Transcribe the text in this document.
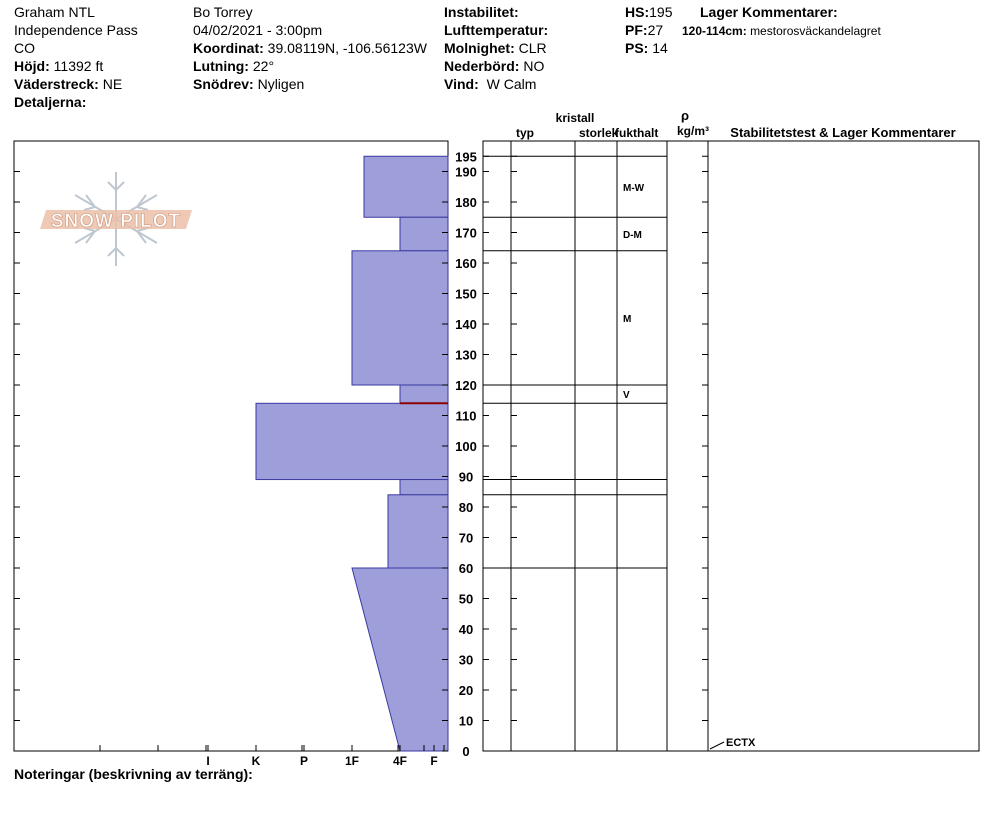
Graham NTL
Independence Pass
CO
Höjd: 11392 ft
Väderstreck: NE
Detaljerna:
Bo Torrey
04/02/2021 - 3:00pm
Koordinat: 39.08119N, -106.56123W
Lutning: 22°
Snödrev: Nyligen
Instabilitet:
Lufttemperatur:
Molnighet: CLR
Nederbörd: NO
Vind: W Calm
HS:195
PF:27
PS: 14
Lager Kommentarer:
120-114cm: mestorosväckandelagret
Noteringar (beskrivning av terräng):
SNOW PILOT
I	K	P	1F	4F F
0
10
20
30
40
50
60
70
80
90
100
110
120
130
140
150
160
170
180
190
195
M-W
D-M
M
V
ECTX
kristall
typ	storlek
fukthalt
ρ
kg/m³ Stabilitetstest & Lager Kommentarer
